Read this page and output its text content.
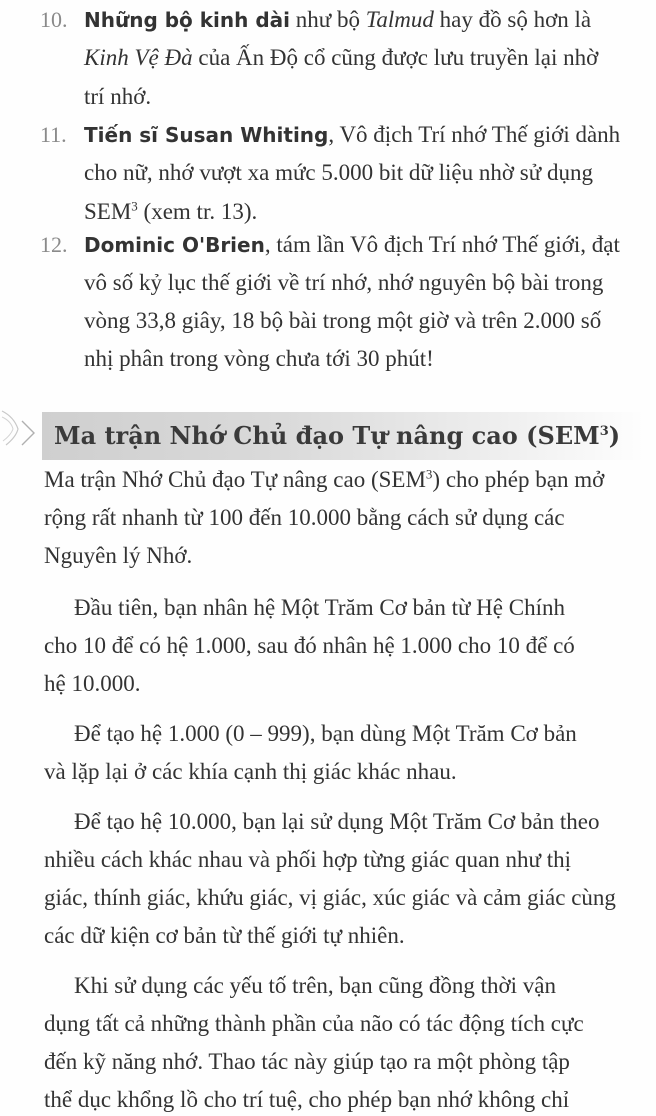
10. Những bộ kinh dài như bộ Talmud hay đồ sộ hơn là
Kinh Vệ Đà của Ấn Độ cổ cũng được lưu truyền lại nhờ
trí nhớ.
11. Tiến sĩ Susan Whiting, Vô địch Trí nhớ Thế giới dành
cho nữ, nhớ vượt xa mức 5.000 bit dữ liệu nhờ sử dụng
SEM$^3$ (xem tr. 13).
12. Dominic O'Brien, tám lần Vô địch Trí nhớ Thế giới, đạt
vô số kỷ lục thế giới về trí nhớ, nhớ nguyên bộ bài trong
vòng 33,8 giây, 18 bộ bài trong một giờ và trên 2.000 số
nhị phân trong vòng chưa tới 30 phút!
Ma trận Nhớ Chủ đạo Tự nâng cao (SEM$^3$)
Ma trận Nhớ Chủ đạo Tự nâng cao (SEM$^3$) cho phép bạn mở
rộng rất nhanh từ 100 đến 10.000 bằng cách sử dụng các
Nguyên lý Nhớ.
Đầu tiên, bạn nhân hệ Một Trăm Cơ bản từ Hệ Chính
cho 10 để có hệ 1.000, sau đó nhân hệ 1.000 cho 10 để có
hệ 10.000.
Để tạo hệ 1.000 (0 – 999), bạn dùng Một Trăm Cơ bản
và lặp lại ở các khía cạnh thị giác khác nhau.
Để tạo hệ 10.000, bạn lại sử dụng Một Trăm Cơ bản theo
nhiều cách khác nhau và phối hợp từng giác quan như thị
giác, thính giác, khứu giác, vị giác, xúc giác và cảm giác cùng
các dữ kiện cơ bản từ thế giới tự nhiên.
Khi sử dụng các yếu tố trên, bạn cũng đồng thời vận
dụng tất cả những thành phần của não có tác động tích cực
đến kỹ năng nhớ. Thao tác này giúp tạo ra một phòng tập
thể dục khổng lồ cho trí tuệ, cho phép bạn nhớ không chỉ
